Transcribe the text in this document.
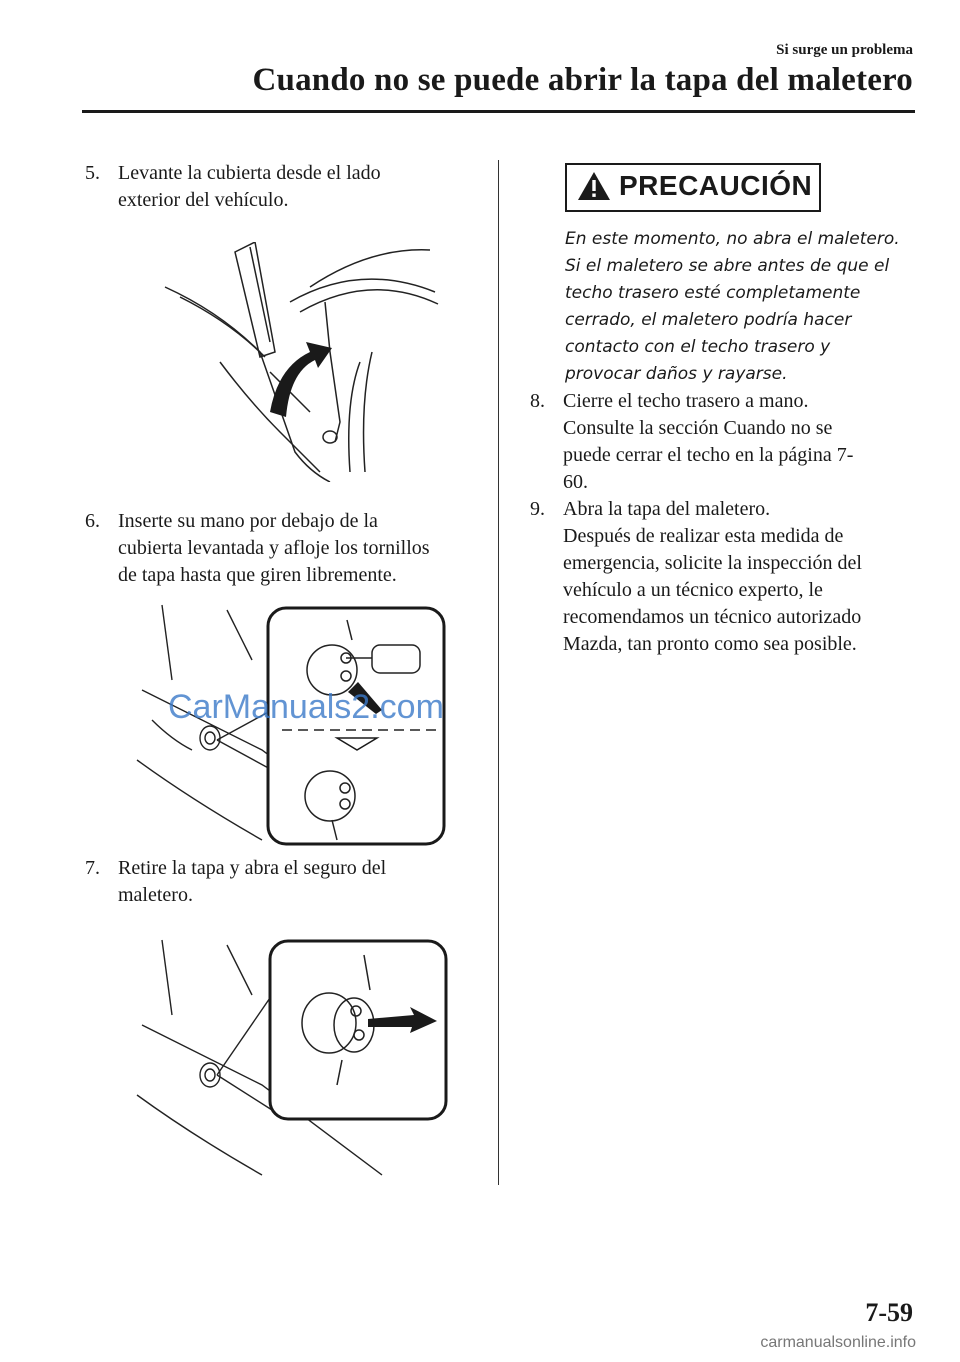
Si surge un problema
Cuando no se puede abrir la tapa del maletero
5. Levante la cubierta desde el lado
exterior del vehículo.
6. Inserte su mano por debajo de la
cubierta levantada y afloje los tornillos
de tapa hasta que giren libremente.
CarManuals2.com
7. Retire la tapa y abra el seguro del
maletero.
PRECAUCIÓN
En este momento, no abra el maletero.
Si el maletero se abre antes de que el
techo trasero esté completamente
cerrado, el maletero podría hacer
contacto con el techo trasero y
provocar daños y rayarse.
8. Cierre el techo trasero a mano.
Consulte la sección Cuando no se
puede cerrar el techo en la página 7-
60.
9. Abra la tapa del maletero.
Después de realizar esta medida de
emergencia, solicite la inspección del
vehículo a un técnico experto, le
recomendamos un técnico autorizado
Mazda, tan pronto como sea posible.
7-59
carmanualsonline.info
